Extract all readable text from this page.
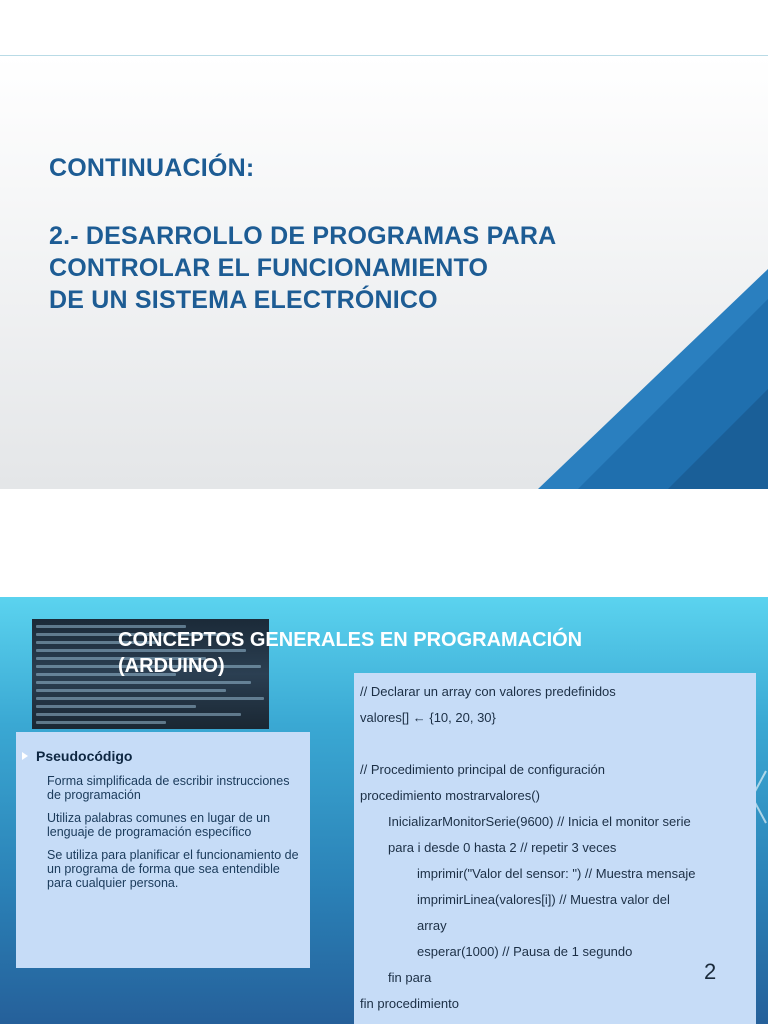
CONTINUACIÓN:
2.- DESARROLLO DE PROGRAMAS PARA
CONTROLAR EL FUNCIONAMIENTO
DE UN SISTEMA ELECTRÓNICO
CONCEPTOS GENERALES EN PROGRAMACIÓN
(ARDUINO)
Pseudocódigo

Forma simplificada de escribir instrucciones de programación

Utiliza palabras comunes en lugar de un lenguaje de programación específico

Se utiliza para planificar el funcionamiento de un programa de forma que sea entendible para cualquier persona.

// Declarar un array con valores predefinidos
valores[] ← {10, 20, 30}

// Procedimiento principal de configuración
procedimiento mostrarvalores()
InicializarMonitorSerie(9600) // Inicia el monitor serie
para i desde 0 hasta 2 // repetir 3 veces
imprimir("Valor del sensor: ") // Muestra mensaje
imprimirLinea(valores[i]) // Muestra valor del
array
esperar(1000) // Pausa de 1 segundo
fin para
fin procedimiento
2
